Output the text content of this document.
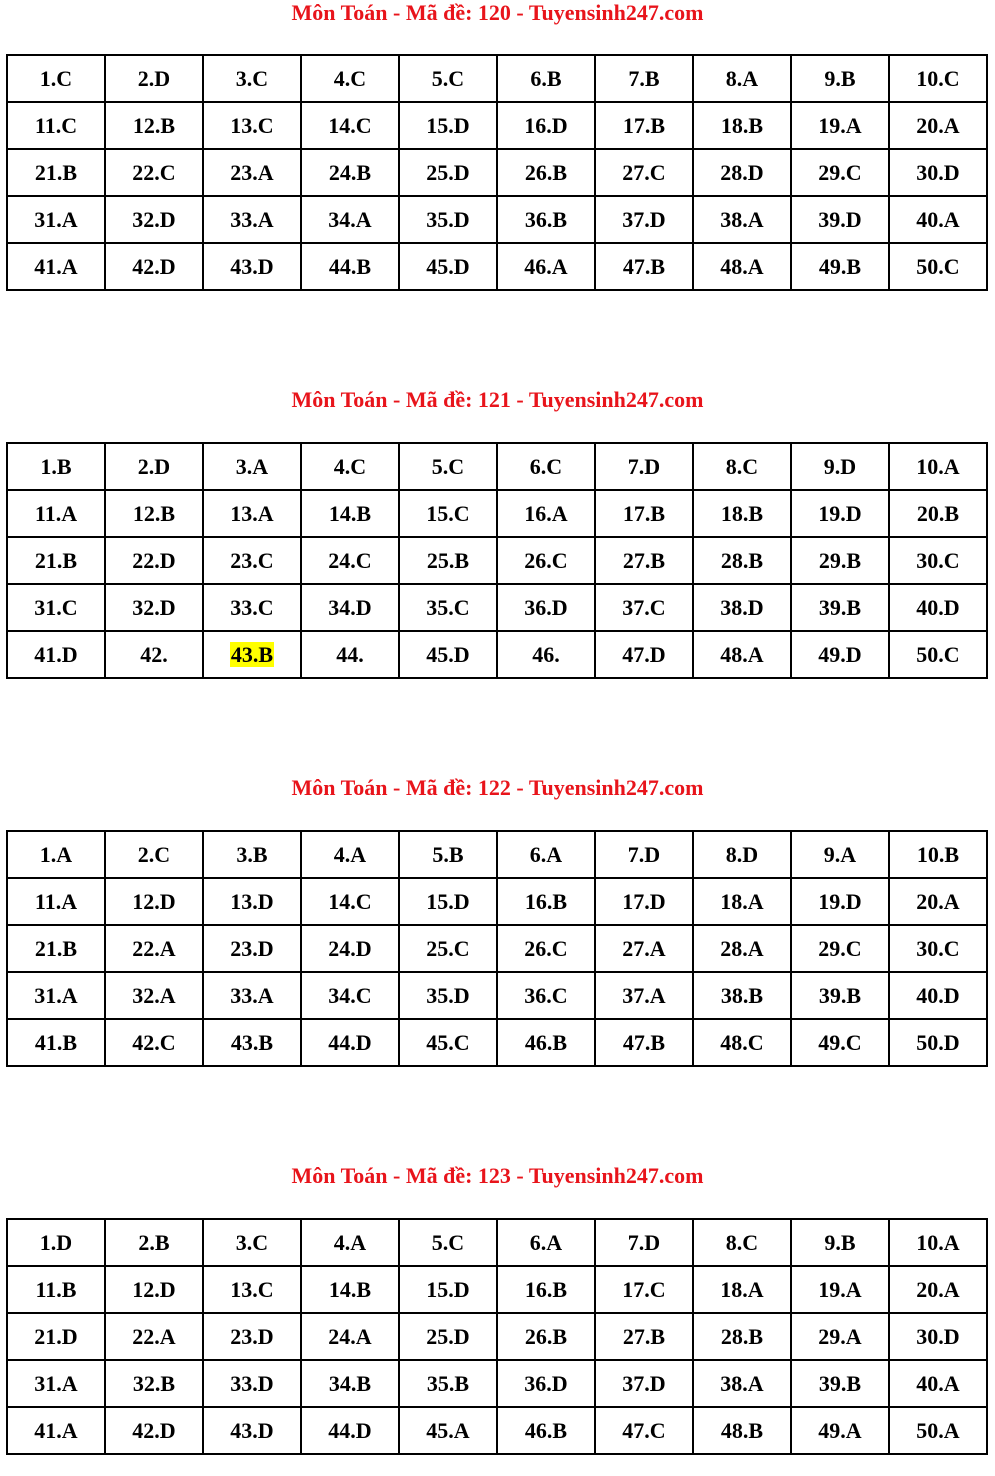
Môn Toán - Mã đề: 120 - Tuyensinh247.com
1.C	2.D	3.C	4.C	5.C	6.B	7.B	8.A	9.B	10.C
11.C	12.B	13.C	14.C	15.D	16.D	17.B	18.B	19.A	20.A
21.B	22.C	23.A	24.B	25.D	26.B	27.C	28.D	29.C	30.D
31.A	32.D	33.A	34.A	35.D	36.B	37.D	38.A	39.D	40.A
41.A	42.D	43.D	44.B	45.D	46.A	47.B	48.A	49.B	50.C
Môn Toán - Mã đề: 121 - Tuyensinh247.com
1.B	2.D	3.A	4.C	5.C	6.C	7.D	8.C	9.D	10.A
11.A	12.B	13.A	14.B	15.C	16.A	17.B	18.B	19.D	20.B
21.B	22.D	23.C	24.C	25.B	26.C	27.B	28.B	29.B	30.C
31.C	32.D	33.C	34.D	35.C	36.D	37.C	38.D	39.B	40.D
41.D	42.	43.B	44.	45.D	46.	47.D	48.A	49.D	50.C
Môn Toán - Mã đề: 122 - Tuyensinh247.com
1.A	2.C	3.B	4.A	5.B	6.A	7.D	8.D	9.A	10.B
11.A	12.D	13.D	14.C	15.D	16.B	17.D	18.A	19.D	20.A
21.B	22.A	23.D	24.D	25.C	26.C	27.A	28.A	29.C	30.C
31.A	32.A	33.A	34.C	35.D	36.C	37.A	38.B	39.B	40.D
41.B	42.C	43.B	44.D	45.C	46.B	47.B	48.C	49.C	50.D
Môn Toán - Mã đề: 123 - Tuyensinh247.com
1.D	2.B	3.C	4.A	5.C	6.A	7.D	8.C	9.B	10.A
11.B	12.D	13.C	14.B	15.D	16.B	17.C	18.A	19.A	20.A
21.D	22.A	23.D	24.A	25.D	26.B	27.B	28.B	29.A	30.D
31.A	32.B	33.D	34.B	35.B	36.D	37.D	38.A	39.B	40.A
41.A	42.D	43.D	44.D	45.A	46.B	47.C	48.B	49.A	50.A
